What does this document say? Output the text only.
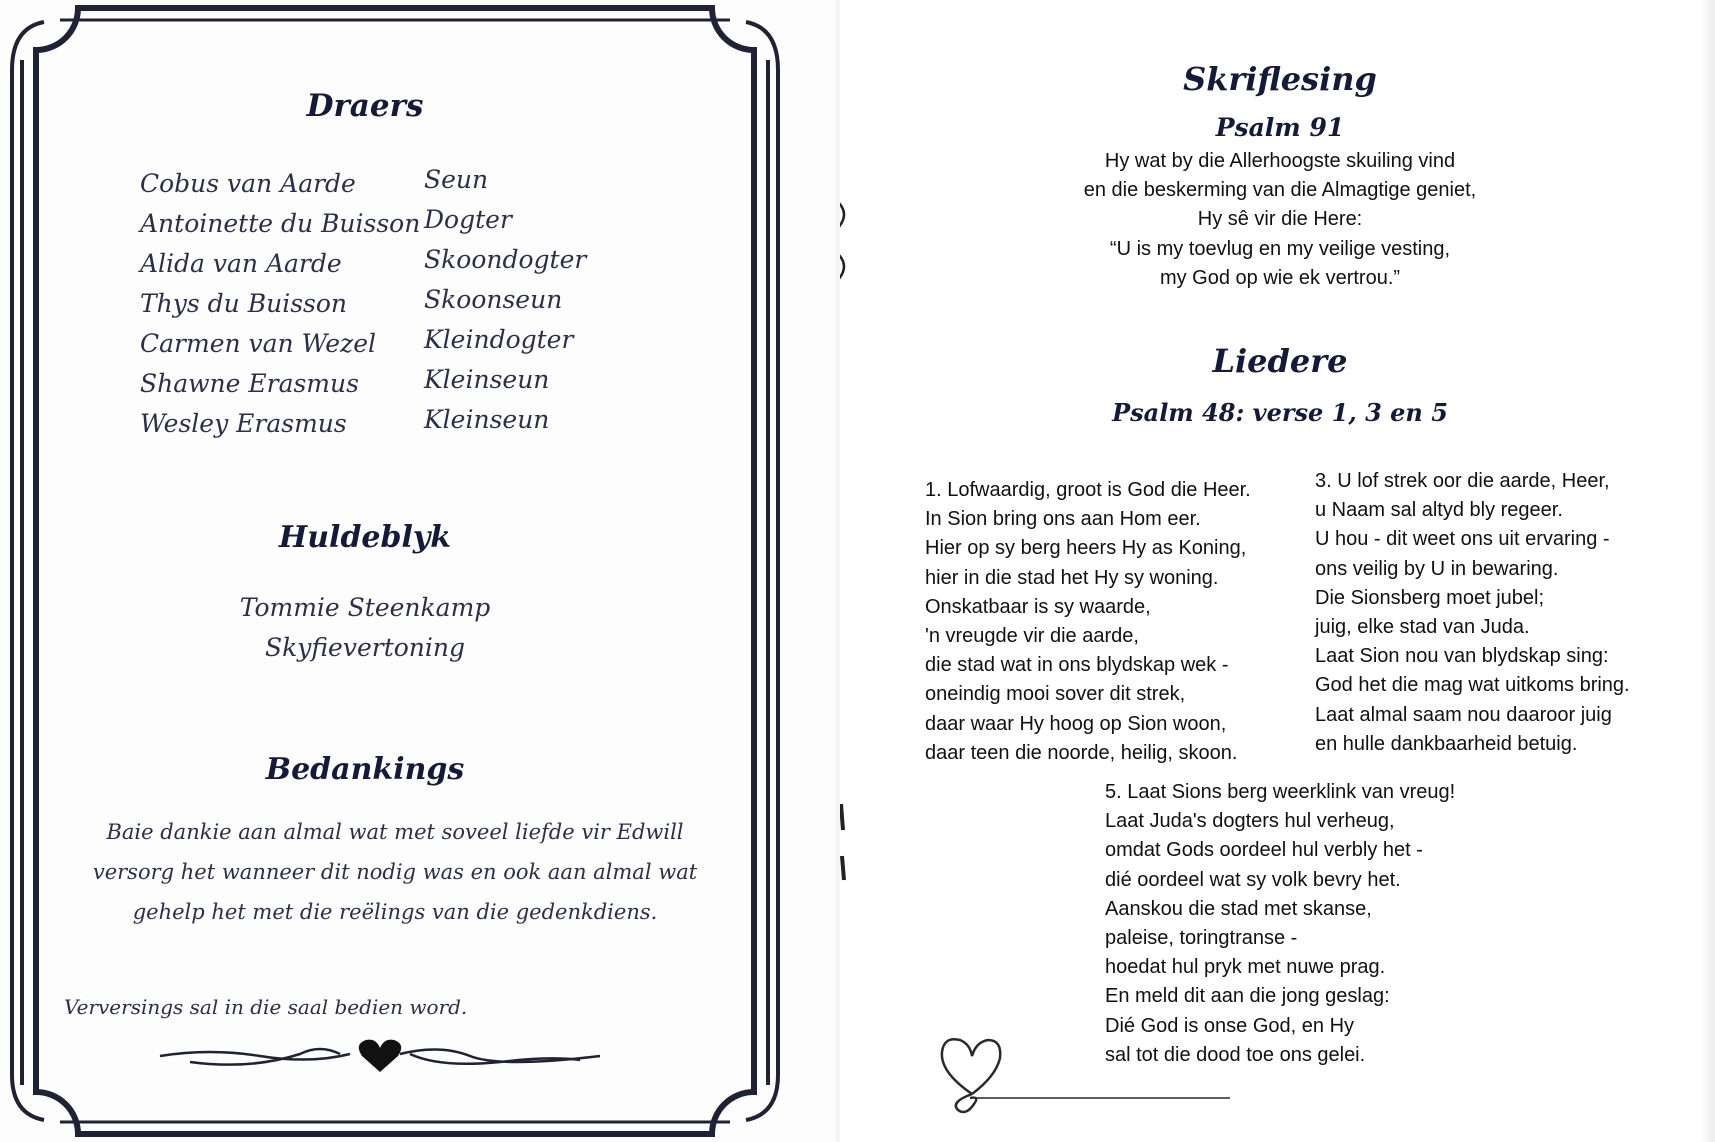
Draers
Cobus van Aarde
Antoinette du Buisson
Alida van Aarde
Thys du Buisson
Carmen van Wezel
Shawne Erasmus
Wesley Erasmus
Seun
Dogter
Skoondogter
Skoonseun
Kleindogter
Kleinseun
Kleinseun
Huldeblyk
Tommie Steenkamp
Skyfievertoning
Bedankings
Baie dankie aan almal wat met soveel liefde vir Edwill
versorg het wanneer dit nodig was en ook aan almal wat
gehelp het met die reëlings van die gedenkdiens.
Verversings sal in die saal bedien word.
Skriflesing
Psalm 91
Hy wat by die Allerhoogste skuiling vind
en die beskerming van die Almagtige geniet,
Hy sê vir die Here:
“U is my toevlug en my veilige vesting,
my God op wie ek vertrou.”
Liedere
Psalm 48: verse 1, 3 en 5
1. Lofwaardig, groot is God die Heer.
In Sion bring ons aan Hom eer.
Hier op sy berg heers Hy as Koning,
hier in die stad het Hy sy woning.
Onskatbaar is sy waarde,
'n vreugde vir die aarde,
die stad wat in ons blydskap wek -
oneindig mooi sover dit strek,
daar waar Hy hoog op Sion woon,
daar teen die noorde, heilig, skoon.
3. U lof strek oor die aarde, Heer,
u Naam sal altyd bly regeer.
U hou - dit weet ons uit ervaring -
ons veilig by U in bewaring.
Die Sionsberg moet jubel;
juig, elke stad van Juda.
Laat Sion nou van blydskap sing:
God het die mag wat uitkoms bring.
Laat almal saam nou daaroor juig
en hulle dankbaarheid betuig.
5. Laat Sions berg weerklink van vreug!
Laat Juda's dogters hul verheug,
omdat Gods oordeel hul verbly het -
dié oordeel wat sy volk bevry het.
Aanskou die stad met skanse,
paleise, toringtranse -
hoedat hul pryk met nuwe prag.
En meld dit aan die jong geslag:
Dié God is onse God, en Hy
sal tot die dood toe ons gelei.
